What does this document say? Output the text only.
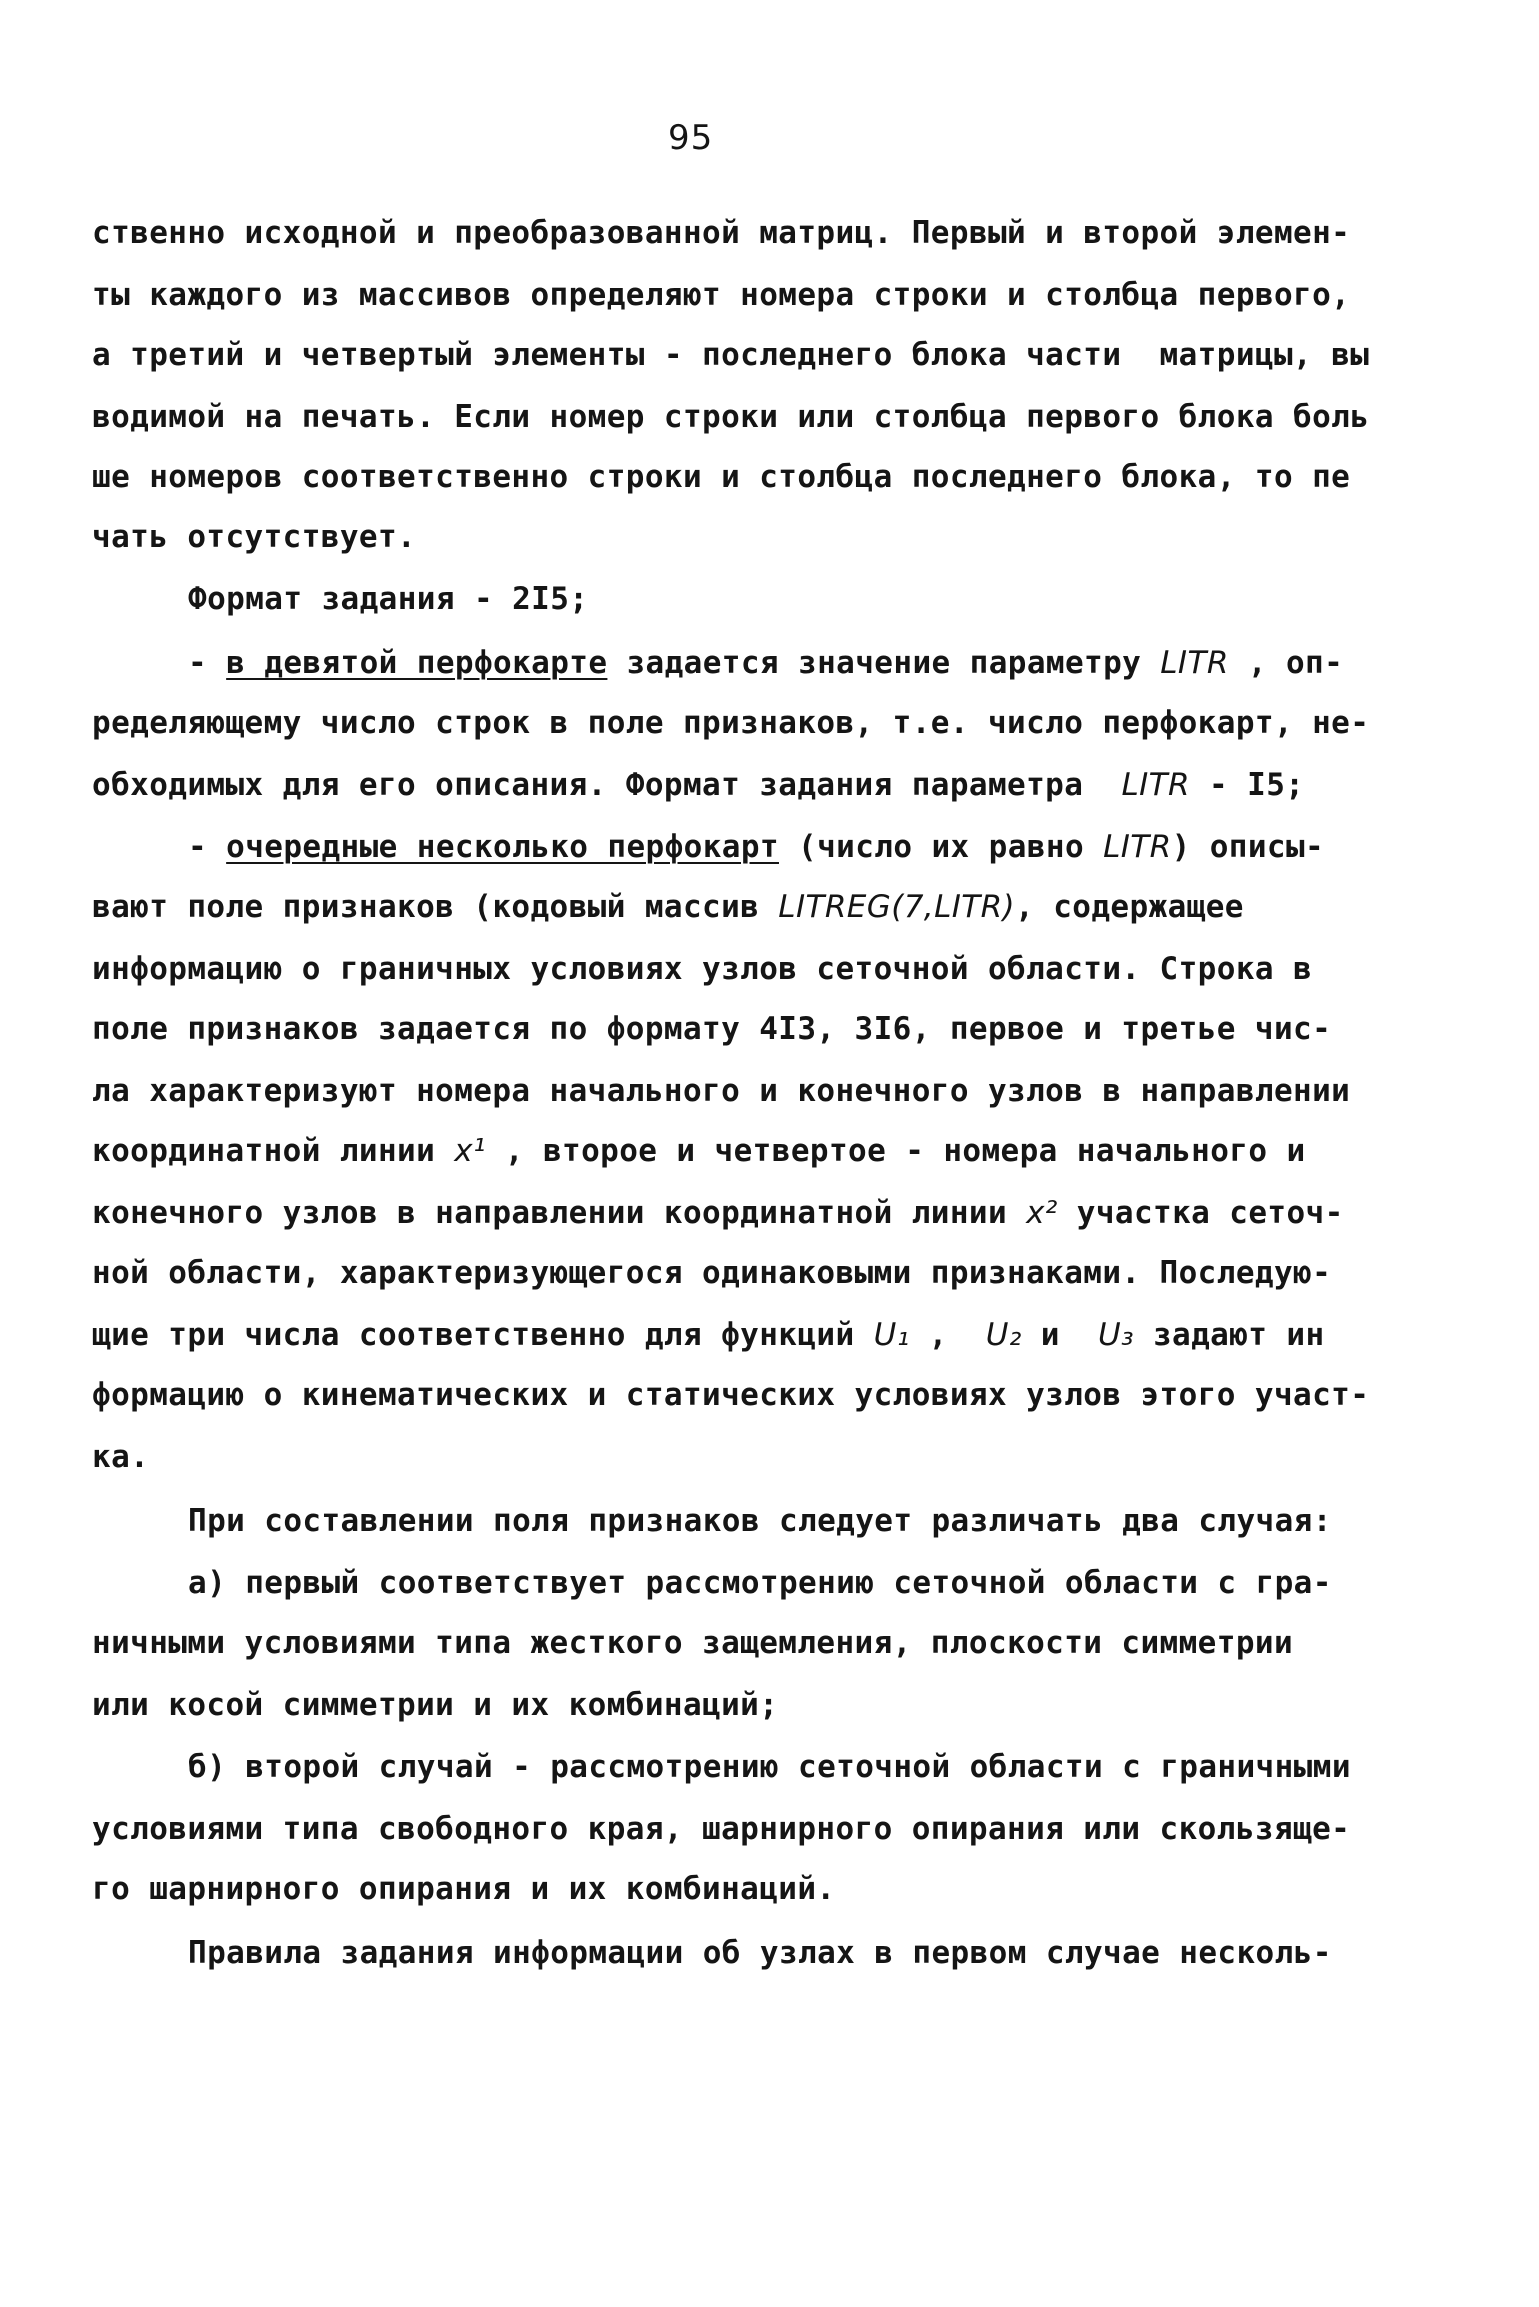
95
ственно исходной и преобразованной матриц. Первый и второй элемен-
ты каждого из массивов определяют номера строки и столбца первого,
а третий и четвертый элементы - последнего блока части  матрицы, вы
водимой на печать. Если номер строки или столбца первого блока боль
ше номеров соответственно строки и столбца последнего блока, то пе
чать отсутствует.
Формат задания - 2I5;
- в девятой перфокарте задается значение параметру LITR , оп-
ределяющему число строк в поле признаков, т.е. число перфокарт, не-
обходимых для его описания. Формат задания параметра  LITR - I5;
- очередные несколько перфокарт (число их равно LITR) описы-
вают поле признаков (кодовый массив LITREG(7,LITR), содержащее
информацию о граничных условиях узлов сеточной области. Строка в
поле признаков задается по формату 4I3, 3I6, первое и третье чис-
ла характеризуют номера начального и конечного узлов в направлении
координатной линии x¹ , второе и четвертое - номера начального и
конечного узлов в направлении координатной линии x² участка сеточ-
ной области, характеризующегося одинаковыми признаками. Последую-
щие три числа соответственно для функций U₁ ,  U₂ и  U₃ задают ин
формацию о кинематических и статических условиях узлов этого участ-
ка.
При составлении поля признаков следует различать два случая:
а) первый соответствует рассмотрению сеточной области с гра-
ничными условиями типа жесткого защемления, плоскости симметрии
или косой симметрии и их комбинаций;
б) второй случай - рассмотрению сеточной области с граничными
условиями типа свободного края, шарнирного опирания или скользяще-
го шарнирного опирания и их комбинаций.
Правила задания информации об узлах в первом случае несколь-
